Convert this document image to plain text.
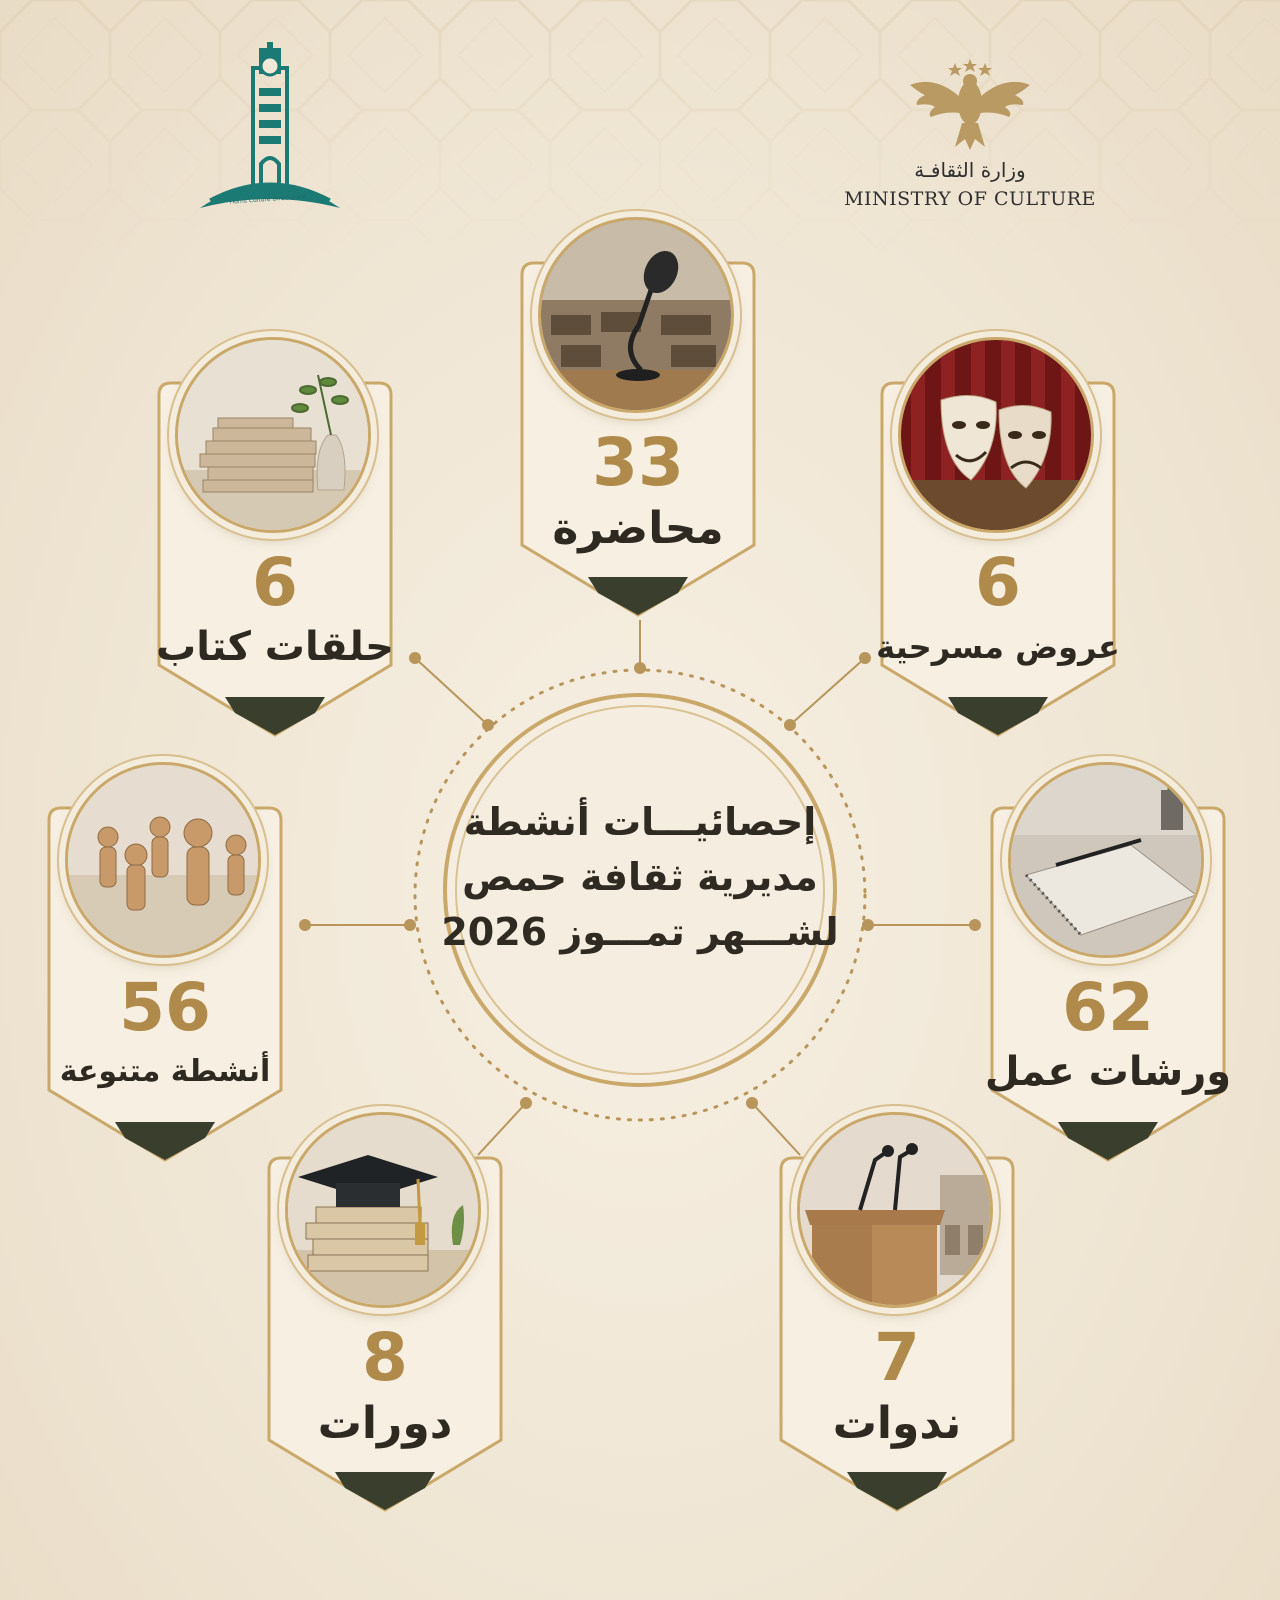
Homs Culture Directorate
وزارة الثقافـة
MINISTRY OF CULTURE
33
محاضرة
6
حلقات كتاب
6
عروض مسرحية
56
أنشطة متنوعة
62
ورشات عمل
8
دورات
7
ندوات
إحصائيـــات أنشطة
مديرية ثقافة حمص
لشـــهر تمـــوز 2026
